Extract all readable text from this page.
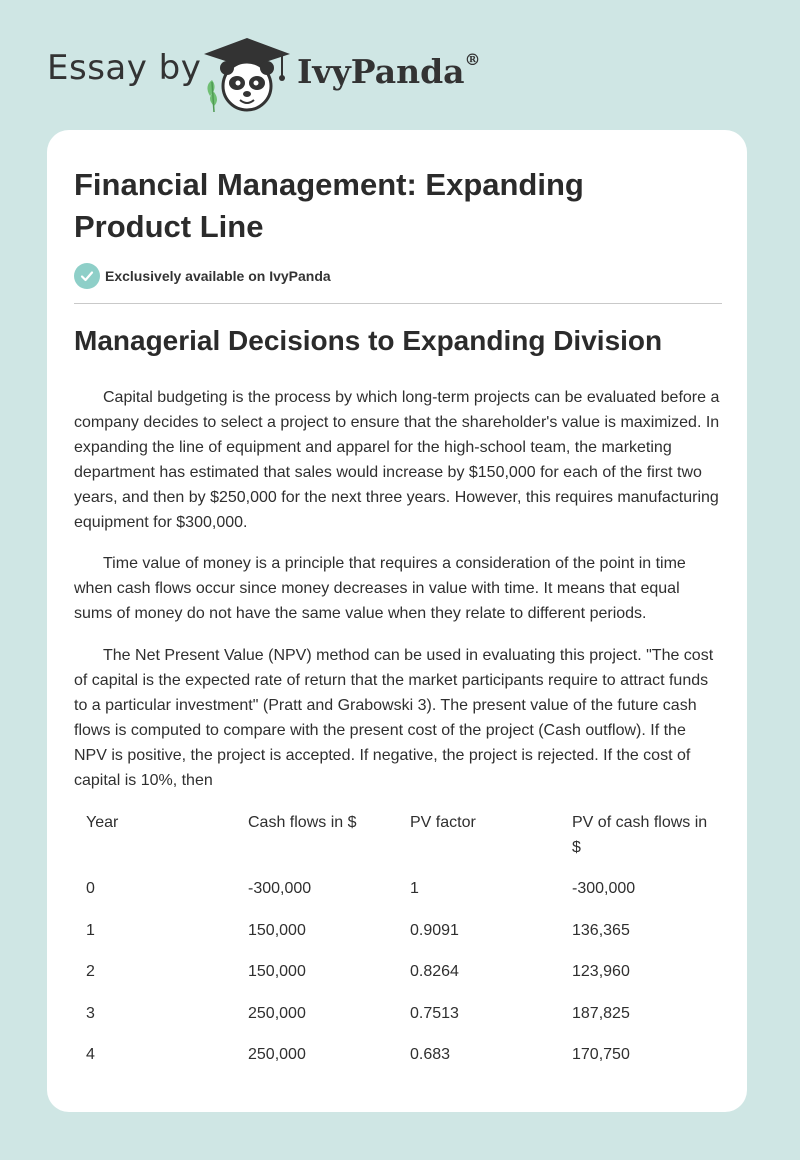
Essay by	IvyPanda®
Financial Management: Expanding Product Line
Exclusively available on IvyPanda
Managerial Decisions to Expanding Division

Capital budgeting is the process by which long-term projects can be evaluated before a company decides to select a project to ensure that the shareholder's value is maximized. In expanding the line of equipment and apparel for the high-school team, the marketing department has estimated that sales would increase by $150,000 for each of the first two years, and then by $250,000 for the next three years. However, this requires manufacturing equipment for $300,000.

Time value of money is a principle that requires a consideration of the point in time when cash flows occur since money decreases in value with time. It means that equal sums of money do not have the same value when they relate to different periods.

The Net Present Value (NPV) method can be used in evaluating this project. "The cost of capital is the expected rate of return that the market participants require to attract funds to a particular investment" (Pratt and Grabowski 3). The present value of the future cash flows is computed to compare with the present cost of the project (Cash outflow). If the NPV is positive, the project is accepted. If negative, the project is rejected. If the cost of capital is 10%, then

Year	Cash flows in $	PV factor	PV of cash flows in $
0	-300,000	1	-300,000
1	150,000	0.9091	136,365
2	150,000	0.8264	123,960
3	250,000	0.7513	187,825
4	250,000	0.683	170,750
